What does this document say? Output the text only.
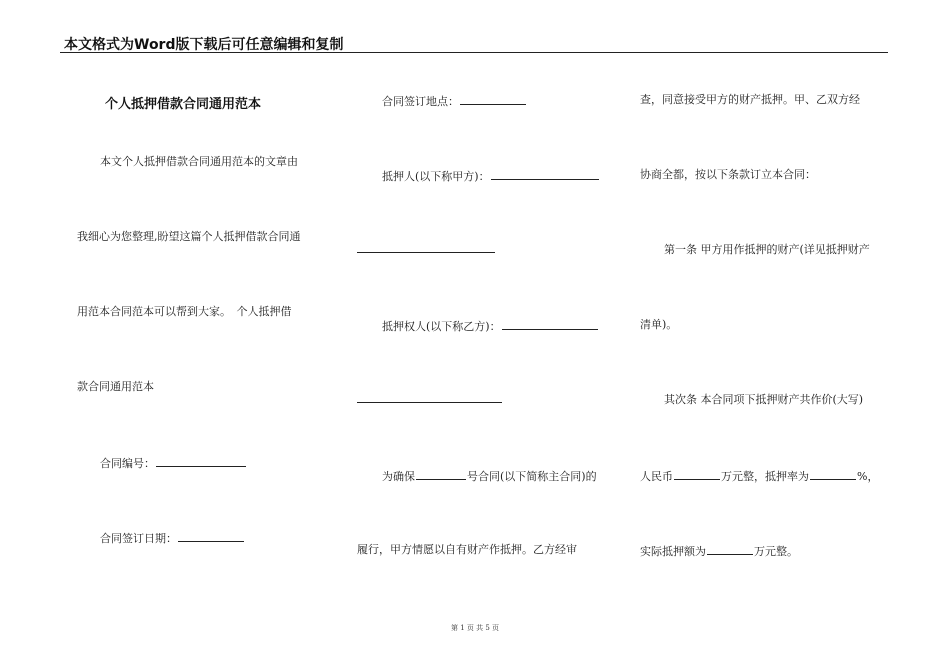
本文格式为Word版下载后可任意编辑和复制
个人抵押借款合同通用范本
本文个人抵押借款合同通用范本的文章由
我细心为您整理,盼望这篇个人抵押借款合同通
用范本合同范本可以帮到大家。　个人抵押借
款合同通用范本
合同编号：
合同签订日期：
合同签订地点：
抵押人(以下称甲方)：
抵押权人(以下称乙方)：
为确保	号合同(以下简称主合同)的
履行，甲方情愿以自有财产作抵押。乙方经审
查，同意接受甲方的财产抵押。甲、乙双方经
协商全都，按以下条款订立本合同：
第一条 甲方用作抵押的财产(详见抵押财产
清单)。
其次条 本合同项下抵押财产共作价(大写)
人民币	万元整，抵押率为	%，
实际抵押额为	万元整。
第 1 页 共 5 页
